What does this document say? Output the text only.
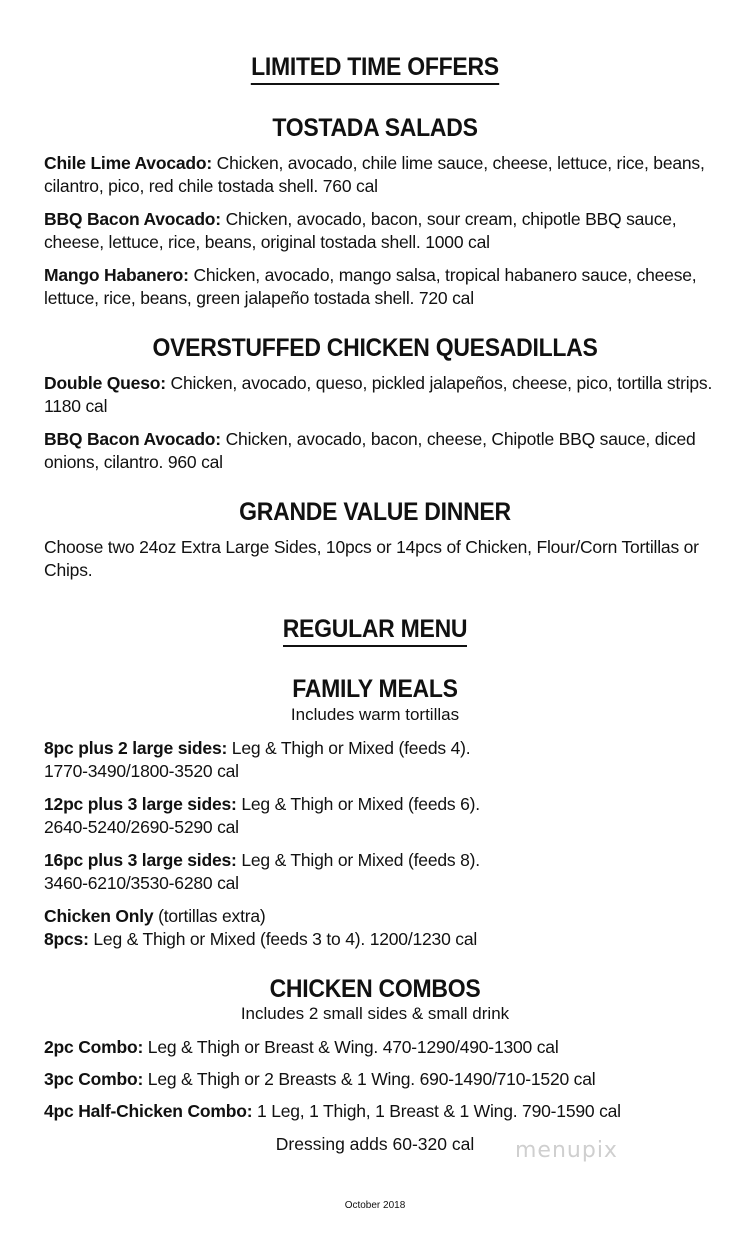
LIMITED TIME OFFERS
TOSTADA SALADS

Chile Lime Avocado: Chicken, avocado, chile lime sauce, cheese, lettuce, rice, beans, cilantro, pico, red chile tostada shell. 760 cal

BBQ Bacon Avocado: Chicken, avocado, bacon, sour cream, chipotle BBQ sauce, cheese, lettuce, rice, beans, original tostada shell. 1000 cal

Mango Habanero: Chicken, avocado, mango salsa, tropical habanero sauce, cheese, lettuce, rice, beans, green jalapeño tostada shell. 720 cal

OVERSTUFFED CHICKEN QUESADILLAS

Double Queso: Chicken, avocado, queso, pickled jalapeños, cheese, pico, tortilla strips. 1180 cal

BBQ Bacon Avocado: Chicken, avocado, bacon, cheese, Chipotle BBQ sauce, diced onions, cilantro. 960 cal

GRANDE VALUE DINNER

Choose two 24oz Extra Large Sides, 10pcs or 14pcs of Chicken, Flour/Corn Tortillas or Chips.

REGULAR MENU
FAMILY MEALS
Includes warm tortillas
8pc plus 2 large sides: Leg & Thigh or Mixed (feeds 4).
1770-3490/1800-3520 cal
12pc plus 3 large sides: Leg & Thigh or Mixed (feeds 6).
2640-5240/2690-5290 cal
16pc plus 3 large sides: Leg & Thigh or Mixed (feeds 8).
3460-6210/3530-6280 cal
Chicken Only (tortillas extra)
8pcs: Leg & Thigh or Mixed (feeds 3 to 4). 1200/1230 cal
CHICKEN COMBOS
Includes 2 small sides & small drink

2pc Combo: Leg & Thigh or Breast & Wing. 470-1290/490-1300 cal

3pc Combo: Leg & Thigh or 2 Breasts & 1 Wing. 690-1490/710-1520 cal

4pc Half-Chicken Combo: 1 Leg, 1 Thigh, 1 Breast & 1 Wing. 790-1590 cal

Dressing adds 60-320 cal	menupix
October 2018
